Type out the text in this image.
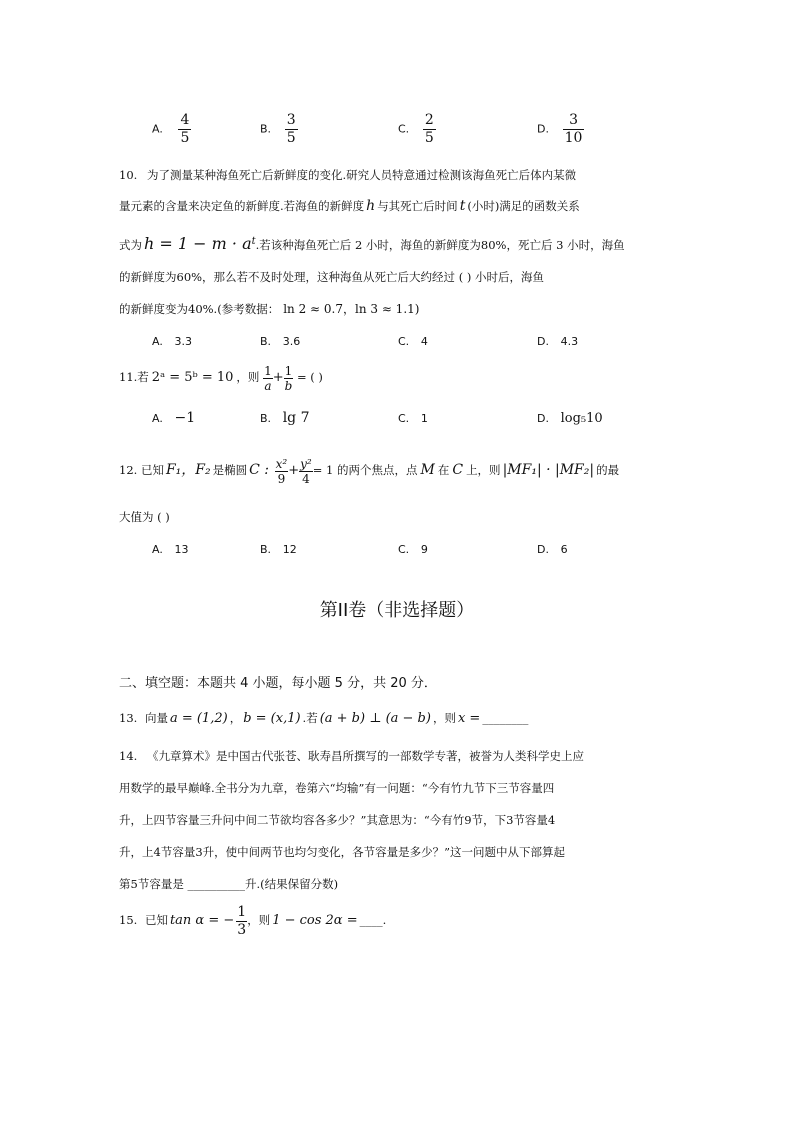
A. $\frac{4}{5}$	B. $\frac{3}{5}$	C. $\frac{2}{5}$	D. $\frac{3}{10}$
10. 为了测量某种海鱼死亡后新鲜度的变化.研究人员特意通过检测该海鱼死亡后体内某微
量元素的含量来决定鱼的新鲜度.若海鱼的新鲜度 h 与其死亡后时间 t (小时)满足的函数关系
式为 $h = 1 - m \cdot a^t$.若该种海鱼死亡后 2 小时，海鱼的新鲜度为80%，死亡后 3 小时，海鱼
的新鲜度为60%，那么若不及时处理，这种海鱼从死亡后大约经过 ( ) 小时后，海鱼
的新鲜度变为40%.(参考数据： ln 2 ≈ 0.7，ln 3 ≈ 1.1)
A. 3.3	B. 3.6	C. 4	D. 4.3
11.若 2ᵃ = 5ᵇ = 10 ，则 $\frac{1}{a} + \frac{1}{b}$ = ( )
A. −1	B. lg 7	C. 1	D. log₅10
12. 已知 F₁，F₂ 是椭圆 C : $\frac{\text{x²}}{9} + \frac{\text{y²}}{4} = 1$ 的两个焦点，点 M 在 C 上，则 |MF₁| · |MF₂| 的最
大值为 ( )
A. 13	B. 12	C. 9	D. 6
第II卷（非选择题）
二、填空题：本题共 4 小题，每小题 5 分，共 20 分．
13. 向量 a = (1,2) ， b = (x,1) .若 (a + b) ⊥ (a − b) ，则 x = ________
14. 《九章算术》是中国古代张苍、耿寿昌所撰写的一部数学专著，被誉为人类科学史上应
用数学的最早巅峰.全书分为九章，卷第六“均输”有一问题：“今有竹九节下三节容量四
升，上四节容量三升问中间二节欲均容各多少？”其意思为：“今有竹9节，下3节容量4
升，上4节容量3升，使中间两节也均匀变化，各节容量是多少？”这一问题中从下部算起
第5节容量是 __________升.(结果保留分数)
15. 已知 tan α = − $\frac{1}{3}$ ，则 1 − cos 2α = ____.
